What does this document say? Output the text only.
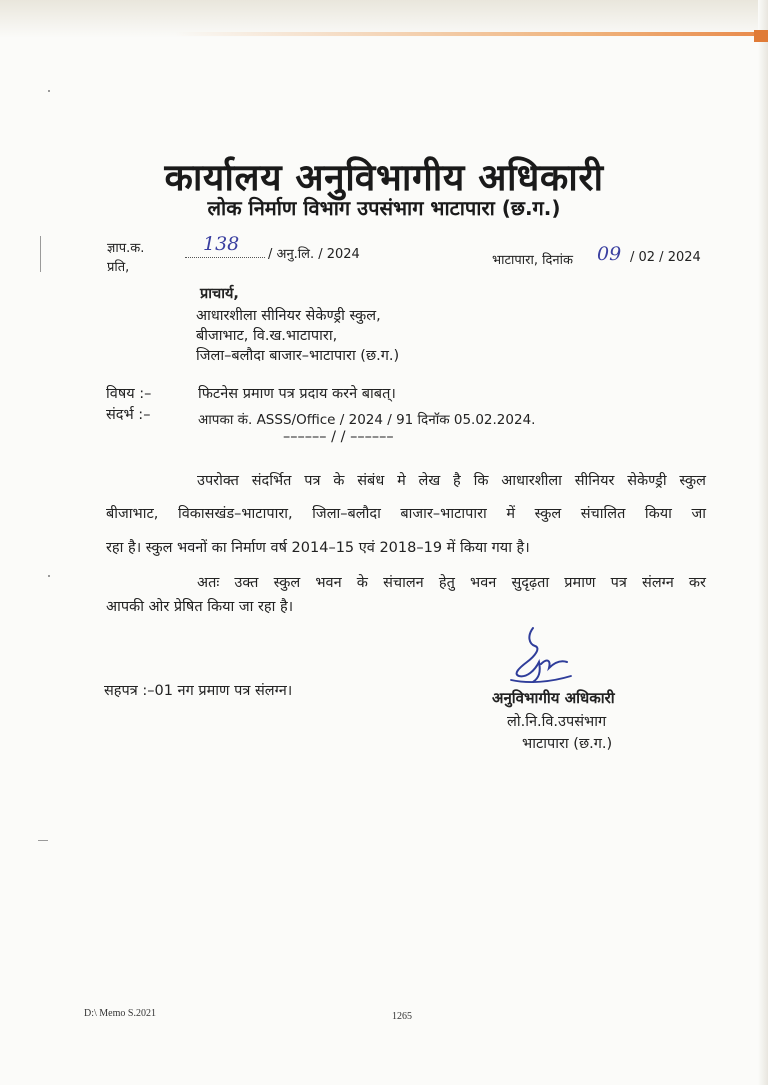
कार्यालय अनुविभागीय अधिकारी
लोक निर्माण विभाग उपसंभाग भाटापारा (छ.ग.)
ज्ञाप.क.	138 / अनु.लि. / 2024	भाटापारा, दिनांक 09 / 02 / 2024
प्रति,
प्राचार्य,
आधारशीला सीनियर सेकेण्ड्री स्कुल,
बीजाभाट, वि.ख.भाटापारा,
जिला–बलौदा बाजार–भाटापारा (छ.ग.)
विषय :–	फिटनेस प्रमाण पत्र प्रदाय करने बाबत्।
संदर्भ :–	आपका कं. ASSS/Office / 2024 / 91 दिनॉक 05.02.2024.
–––––– / / ––––––
उपरोक्त संदर्भित पत्र के संबंध मे लेख है कि आधारशीला सीनियर सेकेण्ड्री स्कुल
बीजाभाट, विकासखंड–भाटापारा, जिला–बलौदा बाजार–भाटापारा में स्कुल संचालित किया जा
रहा है। स्कुल भवनों का निर्माण वर्ष 2014–15 एवं 2018–19 में किया गया है।
अतः उक्त स्कुल भवन के संचालन हेतु भवन सुदृढ़ता प्रमाण पत्र संलग्न कर
आपकी ओर प्रेषित किया जा रहा है।
सहपत्र :–01 नग प्रमाण पत्र संलग्न।	अनुविभागीय अधिकारी
लो.नि.वि.उपसंभाग
भाटापारा (छ.ग.)
D:\ Memo S.2021	1265
